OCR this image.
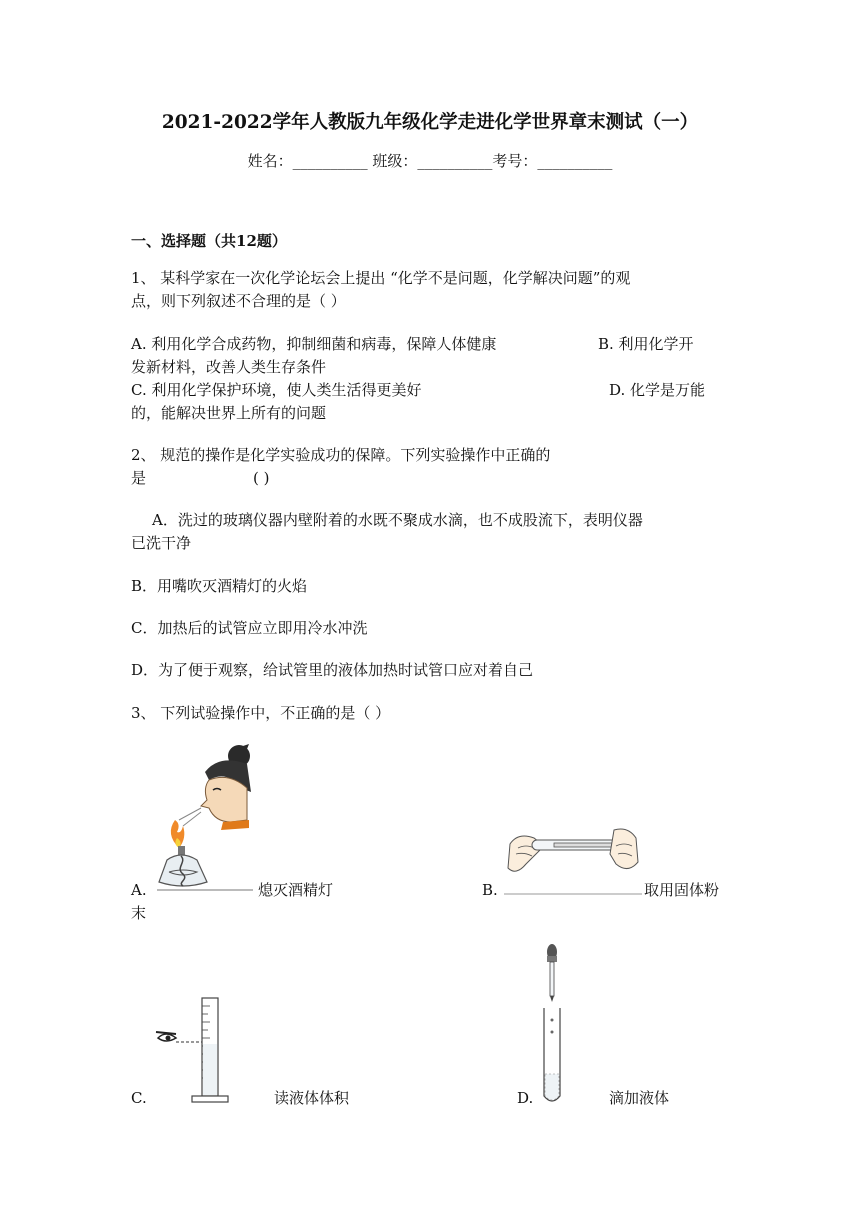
2021-2022学年人教版九年级化学走进化学世界章末测试（一）
姓名：__________ 班级：__________考号：__________
一、选择题（共12题）
1、 某科学家在一次化学论坛会上提出 “化学不是问题，化学解决问题”的观
点，则下列叙述不合理的是（ ）
A. 利用化学合成药物，抑制细菌和病毒，保障人体健康	B. 利用化学开
发新材料，改善人类生存条件
C. 利用化学保护环境，使人类生活得更美好	D. 化学是万能
的，能解决世界上所有的问题
2、 规范的操作是化学实验成功的保障。下列实验操作中正确的
是	( )
A．洗过的玻璃仪器内壁附着的水既不聚成水滴，也不成股流下，表明仪器
已洗干净
B．用嘴吹灭酒精灯的火焰
C．加热后的试管应立即用冷水冲洗
D．为了便于观察，给试管里的液体加热时试管口应对着自己
3、 下列试验操作中，不正确的是（ ）
A.	熄灭酒精灯	B.	取用固体粉
末
C.	读液体体积	D.	滴加液体
